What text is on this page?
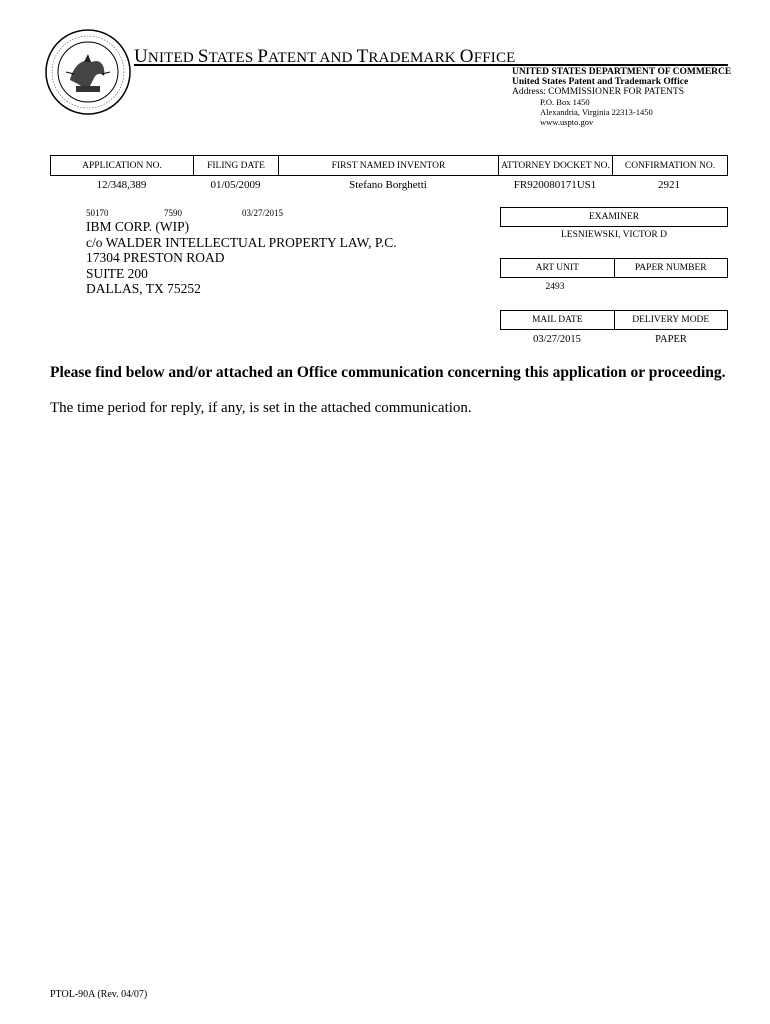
UNITED STATES PATENT AND TRADEMARK OFFICE
UNITED STATES DEPARTMENT OF COMMERCE
United States Patent and Trademark Office
Address: COMMISSIONER FOR PATENTS
P.O. Box 1450
Alexandria, Virginia 22313-1450
www.uspto.gov
APPLICATION NO.	FILING DATE	FIRST NAMED INVENTOR	ATTORNEY DOCKET NO.	CONFIRMATION NO.
12/348,389	01/05/2009	Stefano Borghetti	FR920080171US1	2921
50170	7590	03/27/2015
IBM CORP. (WIP)
c/o WALDER INTELLECTUAL PROPERTY LAW, P.C.
17304 PRESTON ROAD
SUITE 200
DALLAS, TX 75252
EXAMINER
LESNIEWSKI, VICTOR D
ART UNIT	PAPER NUMBER
2493
MAIL DATE	DELIVERY MODE
03/27/2015	PAPER
Please find below and/or attached an Office communication concerning this application or proceeding.
The time period for reply, if any, is set in the attached communication.
PTOL-90A (Rev. 04/07)
